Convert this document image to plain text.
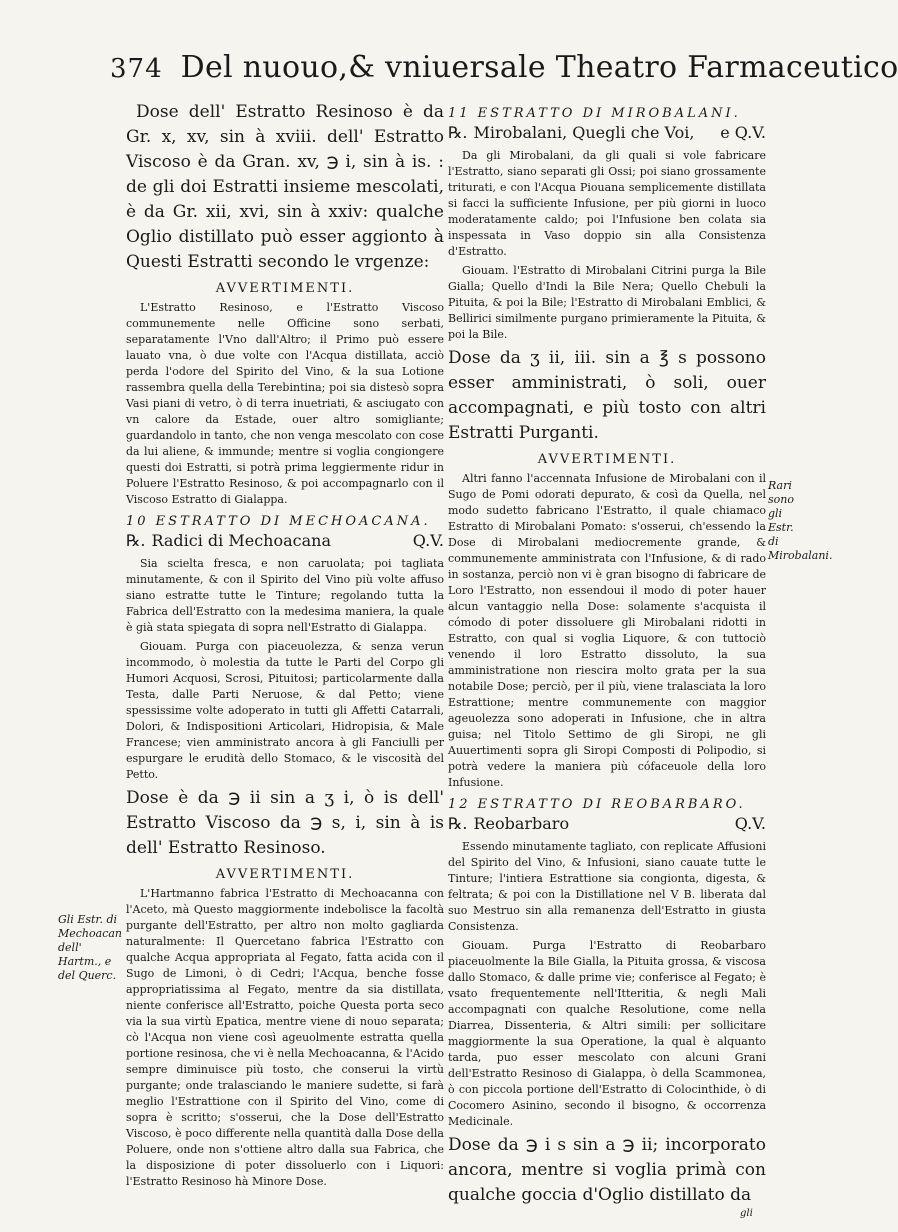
374 Del nuouo,& vniuersale Theatro Farmaceutico

Dose dell' Estratto Resinoso è da Gr. x, xv, sin à xviii. dell' Estratto Viscoso è da Gran. xv, ℈ i, sin à is. : de gli doi Estratti insieme mescolati, è da Gr. xii, xvi, sin à xxiv: qualche Oglio distillato può esser aggionto à Questi Estratti secondo le vrgenze:

AVVERTIMENTI.

L'Estratto Resinoso, e l'Estratto Viscoso communemente nelle Officine sono serbati, separatamente l'Vno dall'Altro; il Primo può essere lauato vna, ò due volte con l'Acqua distillata, acciò perda l'odore del Spirito del Vino, & la sua Lotione rassembra quella della Terebintina; poi sia distesò sopra Vasi piani di vetro, ò di terra inuetriati, & asciugato con vn calore da Estade, ouer altro somigliante; guardandolo in tanto, che non venga mescolato con cose da lui aliene, & immunde; mentre si voglia congiongere questi doi Estratti, si potrà prima leggiermente ridur in Poluere l'Estratto Resinoso, & poi accompagnarlo con il Viscoso Estratto di Gialappa.

10 ESTRATTO DI MECHOACANA.
℞. Radici di Mechoacana	Q.V.

Sia scielta fresca, e non caruolata; poi tagliata minutamente, & con il Spirito del Vino più volte affuso siano estratte tutte le Tinture; regolando tutta la Fabrica dell'Estratto con la medesima maniera, la quale è già stata spiegata di sopra nell'Estratto di Gialappa.

Giouam. Purga con piaceuolezza, & senza verun incommodo, ò molestia da tutte le Parti del Corpo gli Humori Acquosi, Scrosi, Pituitosi; particolarmente dalla Testa, dalle Parti Neruose, & dal Petto; viene spessissime volte adoperato in tutti gli Affetti Catarrali, Dolori, & Indispositioni Articolari, Hidropisia, & Male Francese; vien amministrato ancora à gli Fanciulli per espurgare le erudità dello Stomaco, & le viscosità del Petto.

Dose è da ℈ ii sin a ʒ i, ò is dell' Estratto Viscoso da ℈ s, i, sin à is dell' Estratto Resinoso.

AVVERTIMENTI.

L'Hartmanno fabrica l'Estratto di Mechoacanna con l'Aceto, mà Questo maggiormente indebolisce la facoltà purgante dell'Estratto, per altro non molto gagliarda naturalmente: Il Quercetano fabrica l'Estratto con qualche Acqua appropriata al Fegato, fatta acida con il Sugo de Limoni, ò di Cedri; l'Acqua, benche fosse appropriatissima al Fegato, mentre da sia distillata, niente conferisce all'Estratto, poiche Questa porta seco via la sua virtù Epatica, mentre viene di nouo separata; cò l'Acqua non viene così ageuolmente estratta quella portione resinosa, che vi è nella Mechoacanna, & l'Acido sempre diminuisce più tosto, che conserui la virtù purgante; onde tralasciando le maniere sudette, si farà meglio l'Estrattione con il Spirito del Vino, come di sopra è scritto; s'osserui, che la Dose dell'Estratto Viscoso, è poco differente nella quantità dalla Dose della Poluere, onde non s'ottiene altro dalla sua Fabrica, che la disposizione di poter dissoluerlo con i Liquori: l'Estratto Resinoso hà Minore Dose.

11 ESTRATTO DI MIROBALANI.
℞. Mirobalani, Quegli che Voi,	e Q.V.

Da gli Mirobalani, da gli quali si vole fabricare l'Estratto, siano separati gli Ossi; poi siano grossamente triturati, e con l'Acqua Piouana semplicemente distillata si facci la sufficiente Infusione, per più giorni in luoco moderatamente caldo; poi l'Infusione ben colata sia inspessata in Vaso doppio sin alla Consistenza d'Estratto.

Giouam. l'Estratto di Mirobalani Citrini purga la Bile Gialla; Quello d'Indi la Bile Nera; Quello Chebuli la Pituita, & poi la Bile; l'Estratto di Mirobalani Emblici, & Bellirici similmente purgano primieramente la Pituita, & poi la Bile.

Dose da ʒ ii, iii. sin a ℥ s possono esser amministrati, ò soli, ouer accompagnati, e più tosto con altri Estratti Purganti.

AVVERTIMENTI.

Altri fanno l'accennata Infusione de Mirobalani con il Sugo de Pomi odorati depurato, & così da Quella, nel modo sudetto fabricano l'Estratto, il quale chiamaco Estratto di Mirobalani Pomato: s'osserui, ch'essendo la Dose di Mirobalani mediocremente grande, & communemente amministrata con l'Infusione, & di rado in sostanza, perciò non vi è gran bisogno di fabricare de Loro l'Estratto, non essendoui il modo di poter hauer alcun vantaggio nella Dose: solamente s'acquista il cómodo di poter dissoluere gli Mirobalani ridotti in Estratto, con qual si voglia Liquore, & con tuttociò venendo il loro Estratto dissoluto, la sua amministratione non riescira molto grata per la sua notabile Dose; perciò, per il più, viene tralasciata la loro Estrattione; mentre communemente con maggior ageuolezza sono adoperati in Infusione, che in altra guisa; nel Titolo Settimo de gli Siropi, ne gli Auuertimenti sopra gli Siropi Composti di Polipodio, si potrà vedere la maniera più cófaceuole della loro Infusione.

12 ESTRATTO DI REOBARBARO.
℞. Reobarbaro	Q.V.

Essendo minutamente tagliato, con replicate Affusioni del Spirito del Vino, & Infusioni, siano cauate tutte le Tinture; l'intiera Estrattione sia congionta, digesta, & feltrata; & poi con la Distillatione nel V B. liberata dal suo Mestruo sin alla remanenza dell'Estratto in giusta Consistenza.

Giouam. Purga l'Estratto di Reobarbaro piaceuolmente la Bile Gialla, la Pituita grossa, & viscosa dallo Stomaco, & dalle prime vie; conferisce al Fegato; è vsato frequentemente nell'Itteritia, & negli Mali accompagnati con qualche Resolutione, come nella Diarrea, Dissenteria, & Altri simili: per sollicitare maggiormente la sua Operatione, la qual è alquanto tarda, puo esser mescolato con alcuni Grani dell'Estratto Resinoso di Gialappa, ò della Scammonea, ò con piccola portione dell'Estratto di Colocinthide, ò di Cocomero Asinino, secondo il bisogno, & occorrenza Medicinale.

Dose da ℈ i s sin a ℈ ii; incorporato ancora, mentre si voglia primà con qualche goccia d'Oglio distillato da

Gli Estr. di Mechoacan dell' Hartm., e del Querc.
Rari sono gli Estr. di Mirobalani.
gli
